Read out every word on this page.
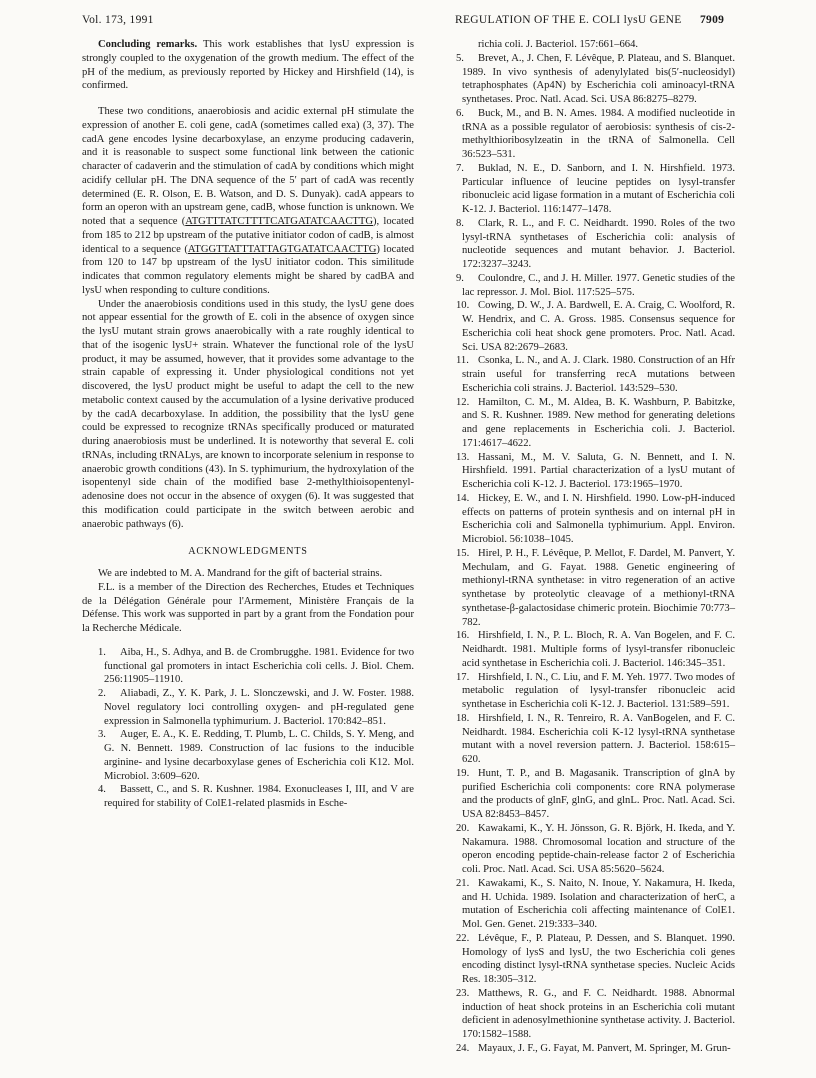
Vol. 173, 1991	REGULATION OF THE E. COLI lysU GENE 7909

Concluding remarks. This work establishes that lysU expression is strongly coupled to the oxygenation of the growth medium. The effect of the pH of the medium, as previously reported by Hickey and Hirshfield (14), is confirmed.

These two conditions, anaerobiosis and acidic external pH stimulate the expression of another E. coli gene, cadA (sometimes called exa) (3, 37). The cadA gene encodes lysine decarboxylase, an enzyme producing cadaverin, and it is reasonable to suspect some functional link between the cationic character of cadaverin and the stimulation of cadA by conditions which might acidify cellular pH. The DNA sequence of the 5′ part of cadA was recently determined (E. R. Olson, E. B. Watson, and D. S. Dunyak). cadA appears to form an operon with an upstream gene, cadB, whose function is unknown. We noted that a sequence (ATGTTTATCTTTTCATGATATCAACTTG), located from 185 to 212 bp upstream of the putative initiator codon of cadB, is almost identical to a sequence (ATGGTTATTTATTAGTGATATCAACTTG) located from 120 to 147 bp upstream of the lysU initiator codon. This similitude indicates that common regulatory elements might be shared by cadBA and lysU when responding to culture conditions.

Under the anaerobiosis conditions used in this study, the lysU gene does not appear essential for the growth of E. coli in the absence of oxygen since the lysU mutant strain grows anaerobically with a rate roughly identical to that of the isogenic lysU+ strain. Whatever the functional role of the lysU product, it may be assumed, however, that it provides some advantage to the strain capable of expressing it. Under physiological conditions not yet discovered, the lysU product might be useful to adapt the cell to the new metabolic context caused by the accumulation of a lysine derivative produced by the cadA decarboxylase. In addition, the possibility that the lysU gene could be expressed to recognize tRNAs specifically produced or maturated during anaerobiosis must be underlined. It is noteworthy that several E. coli tRNAs, including tRNALys, are known to incorporate selenium in response to anaerobic growth conditions (43). In S. typhimurium, the hydroxylation of the isopentenyl side chain of the modified base 2-methylthioisopentenyl-adenosine does not occur in the absence of oxygen (6). It was suggested that this modification could participate in the switch between aerobic and anaerobic pathways (6).

ACKNOWLEDGMENTS

We are indebted to M. A. Mandrand for the gift of bacterial strains.

F.L. is a member of the Direction des Recherches, Etudes et Techniques de la Délégation Générale pour l'Armement, Ministère Français de la Défense. This work was supported in part by a grant from the Fondation pour la Recherche Médicale.

1. Aiba, H., S. Adhya, and B. de Crombrugghe. 1981. Evidence for two functional gal promoters in intact Escherichia coli cells. J. Biol. Chem. 256:11905–11910.

2. Aliabadi, Z., Y. K. Park, J. L. Slonczewski, and J. W. Foster. 1988. Novel regulatory loci controlling oxygen- and pH-regulated gene expression in Salmonella typhimurium. J. Bacteriol. 170:842–851.

3. Auger, E. A., K. E. Redding, T. Plumb, L. C. Childs, S. Y. Meng, and G. N. Bennett. 1989. Construction of lac fusions to the inducible arginine- and lysine decarboxylase genes of Escherichia coli K12. Mol. Microbiol. 3:609–620.

4. Bassett, C., and S. R. Kushner. 1984. Exonucleases I, III, and V are required for stability of ColE1-related plasmids in Esche-

richia coli. J. Bacteriol. 157:661–664.

5. Brevet, A., J. Chen, F. Lévêque, P. Plateau, and S. Blanquet. 1989. In vivo synthesis of adenylylated bis(5′-nucleosidyl) tetraphosphates (Ap4N) by Escherichia coli aminoacyl-tRNA synthetases. Proc. Natl. Acad. Sci. USA 86:8275–8279.

6. Buck, M., and B. N. Ames. 1984. A modified nucleotide in tRNA as a possible regulator of aerobiosis: synthesis of cis-2-methylthioribosylzeatin in the tRNA of Salmonella. Cell 36:523–531.

7. Buklad, N. E., D. Sanborn, and I. N. Hirshfield. 1973. Particular influence of leucine peptides on lysyl-transfer ribonucleic acid ligase formation in a mutant of Escherichia coli K-12. J. Bacteriol. 116:1477–1478.

8. Clark, R. L., and F. C. Neidhardt. 1990. Roles of the two lysyl-tRNA synthetases of Escherichia coli: analysis of nucleotide sequences and mutant behavior. J. Bacteriol. 172:3237–3243.

9. Coulondre, C., and J. H. Miller. 1977. Genetic studies of the lac repressor. J. Mol. Biol. 117:525–575.

10. Cowing, D. W., J. A. Bardwell, E. A. Craig, C. Woolford, R. W. Hendrix, and C. A. Gross. 1985. Consensus sequence for Escherichia coli heat shock gene promoters. Proc. Natl. Acad. Sci. USA 82:2679–2683.

11. Csonka, L. N., and A. J. Clark. 1980. Construction of an Hfr strain useful for transferring recA mutations between Escherichia coli strains. J. Bacteriol. 143:529–530.

12. Hamilton, C. M., M. Aldea, B. K. Washburn, P. Babitzke, and S. R. Kushner. 1989. New method for generating deletions and gene replacements in Escherichia coli. J. Bacteriol. 171:4617–4622.

13. Hassani, M., M. V. Saluta, G. N. Bennett, and I. N. Hirshfield. 1991. Partial characterization of a lysU mutant of Escherichia coli K-12. J. Bacteriol. 173:1965–1970.

14. Hickey, E. W., and I. N. Hirshfield. 1990. Low-pH-induced effects on patterns of protein synthesis and on internal pH in Escherichia coli and Salmonella typhimurium. Appl. Environ. Microbiol. 56:1038–1045.

15. Hirel, P. H., F. Lévêque, P. Mellot, F. Dardel, M. Panvert, Y. Mechulam, and G. Fayat. 1988. Genetic engineering of methionyl-tRNA synthetase: in vitro regeneration of an active synthetase by proteolytic cleavage of a methionyl-tRNA synthetase-β-galactosidase chimeric protein. Biochimie 70:773–782.

16. Hirshfield, I. N., P. L. Bloch, R. A. Van Bogelen, and F. C. Neidhardt. 1981. Multiple forms of lysyl-transfer ribonucleic acid synthetase in Escherichia coli. J. Bacteriol. 146:345–351.

17. Hirshfield, I. N., C. Liu, and F. M. Yeh. 1977. Two modes of metabolic regulation of lysyl-transfer ribonucleic acid synthetase in Escherichia coli K-12. J. Bacteriol. 131:589–591.

18. Hirshfield, I. N., R. Tenreiro, R. A. VanBogelen, and F. C. Neidhardt. 1984. Escherichia coli K-12 lysyl-tRNA synthetase mutant with a novel reversion pattern. J. Bacteriol. 158:615–620.

19. Hunt, T. P., and B. Magasanik. Transcription of glnA by purified Escherichia coli components: core RNA polymerase and the products of glnF, glnG, and glnL. Proc. Natl. Acad. Sci. USA 82:8453–8457.

20. Kawakami, K., Y. H. Jönsson, G. R. Björk, H. Ikeda, and Y. Nakamura. 1988. Chromosomal location and structure of the operon encoding peptide-chain-release factor 2 of Escherichia coli. Proc. Natl. Acad. Sci. USA 85:5620–5624.

21. Kawakami, K., S. Naito, N. Inoue, Y. Nakamura, H. Ikeda, and H. Uchida. 1989. Isolation and characterization of herC, a mutation of Escherichia coli affecting maintenance of ColE1. Mol. Gen. Genet. 219:333–340.

22. Lévêque, F., P. Plateau, P. Dessen, and S. Blanquet. 1990. Homology of lysS and lysU, the two Escherichia coli genes encoding distinct lysyl-tRNA synthetase species. Nucleic Acids Res. 18:305–312.

23. Matthews, R. G., and F. C. Neidhardt. 1988. Abnormal induction of heat shock proteins in an Escherichia coli mutant deficient in adenosylmethionine synthetase activity. J. Bacteriol. 170:1582–1588.

24. Mayaux, J. F., G. Fayat, M. Panvert, M. Springer, M. Grun-
